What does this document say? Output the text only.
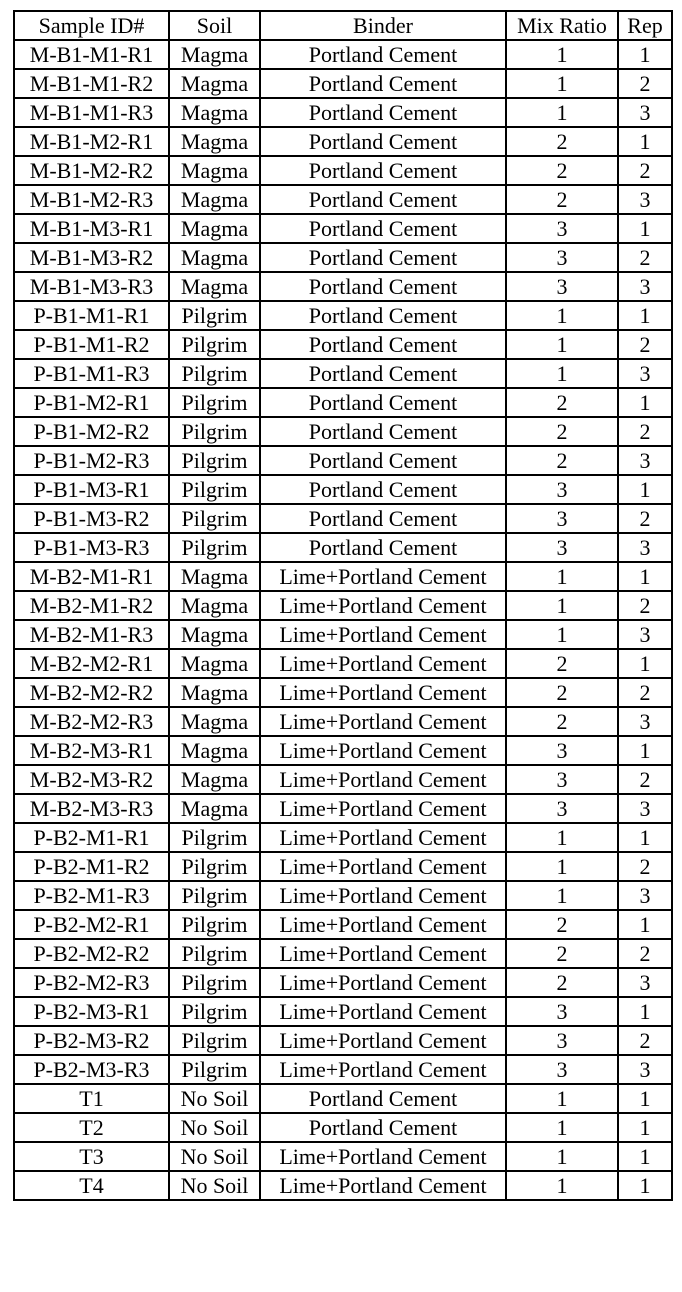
Sample ID#	Soil	Binder	Mix Ratio	Rep
M-B1-M1-R1	Magma	Portland Cement	1	1
M-B1-M1-R2	Magma	Portland Cement	1	2
M-B1-M1-R3	Magma	Portland Cement	1	3
M-B1-M2-R1	Magma	Portland Cement	2	1
M-B1-M2-R2	Magma	Portland Cement	2	2
M-B1-M2-R3	Magma	Portland Cement	2	3
M-B1-M3-R1	Magma	Portland Cement	3	1
M-B1-M3-R2	Magma	Portland Cement	3	2
M-B1-M3-R3	Magma	Portland Cement	3	3
P-B1-M1-R1	Pilgrim	Portland Cement	1	1
P-B1-M1-R2	Pilgrim	Portland Cement	1	2
P-B1-M1-R3	Pilgrim	Portland Cement	1	3
P-B1-M2-R1	Pilgrim	Portland Cement	2	1
P-B1-M2-R2	Pilgrim	Portland Cement	2	2
P-B1-M2-R3	Pilgrim	Portland Cement	2	3
P-B1-M3-R1	Pilgrim	Portland Cement	3	1
P-B1-M3-R2	Pilgrim	Portland Cement	3	2
P-B1-M3-R3	Pilgrim	Portland Cement	3	3
M-B2-M1-R1	Magma	Lime+Portland Cement	1	1
M-B2-M1-R2	Magma	Lime+Portland Cement	1	2
M-B2-M1-R3	Magma	Lime+Portland Cement	1	3
M-B2-M2-R1	Magma	Lime+Portland Cement	2	1
M-B2-M2-R2	Magma	Lime+Portland Cement	2	2
M-B2-M2-R3	Magma	Lime+Portland Cement	2	3
M-B2-M3-R1	Magma	Lime+Portland Cement	3	1
M-B2-M3-R2	Magma	Lime+Portland Cement	3	2
M-B2-M3-R3	Magma	Lime+Portland Cement	3	3
P-B2-M1-R1	Pilgrim	Lime+Portland Cement	1	1
P-B2-M1-R2	Pilgrim	Lime+Portland Cement	1	2
P-B2-M1-R3	Pilgrim	Lime+Portland Cement	1	3
P-B2-M2-R1	Pilgrim	Lime+Portland Cement	2	1
P-B2-M2-R2	Pilgrim	Lime+Portland Cement	2	2
P-B2-M2-R3	Pilgrim	Lime+Portland Cement	2	3
P-B2-M3-R1	Pilgrim	Lime+Portland Cement	3	1
P-B2-M3-R2	Pilgrim	Lime+Portland Cement	3	2
P-B2-M3-R3	Pilgrim	Lime+Portland Cement	3	3
T1	No Soil	Portland Cement	1	1
T2	No Soil	Portland Cement	1	1
T3	No Soil	Lime+Portland Cement	1	1
T4	No Soil	Lime+Portland Cement	1	1
